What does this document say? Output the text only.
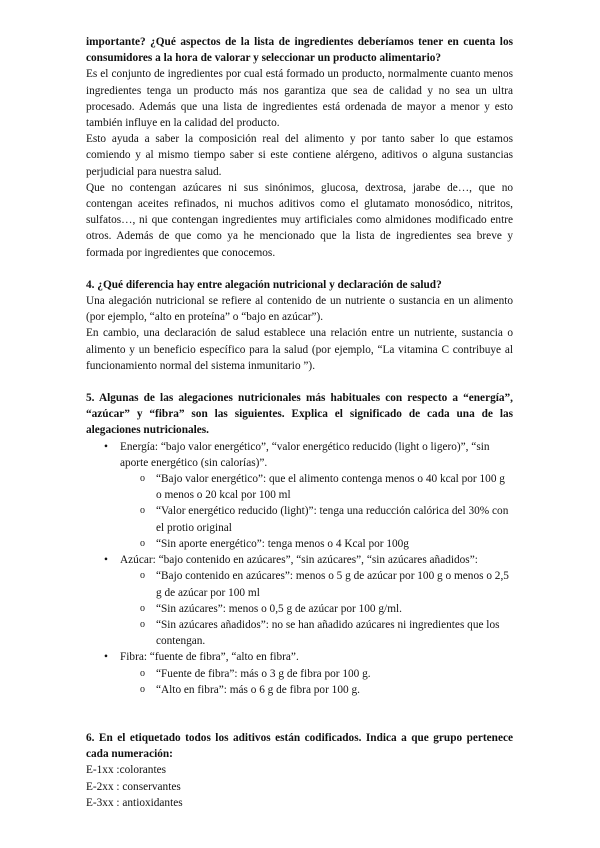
importante? ¿Qué aspectos de la lista de ingredientes deberíamos tener en cuenta los consumidores a la hora de valorar y seleccionar un producto alimentario?

Es el conjunto de ingredientes por cual está formado un producto, normalmente cuanto menos ingredientes tenga un producto más nos garantiza que sea de calidad y no sea un ultra procesado. Además que una lista de ingredientes está ordenada de mayor a menor y esto también influye en la calidad del producto.

Esto ayuda a saber la composición real del alimento y por tanto saber lo que estamos comiendo y al mismo tiempo saber si este contiene alérgeno, aditivos o alguna sustancias perjudicial para nuestra salud.

Que no contengan azúcares ni sus sinónimos, glucosa, dextrosa, jarabe de…, que no contengan aceites refinados, ni muchos aditivos como el glutamato monosódico, nitritos, sulfatos…, ni que contengan ingredientes muy artificiales como almidones modificado entre otros. Además de que como ya he mencionado que la lista de ingredientes sea breve y formada por ingredientes que conocemos.

4. ¿Qué diferencia hay entre alegación nutricional y declaración de salud?

Una alegación nutricional se refiere al contenido de un nutriente o sustancia en un alimento (por ejemplo, “alto en proteína” o “bajo en azúcar”).

En cambio, una declaración de salud establece una relación entre un nutriente, sustancia o alimento y un beneficio específico para la salud (por ejemplo, “La vitamina C contribuye al funcionamiento normal del sistema inmunitario ”).

5. Algunas de las alegaciones nutricionales más habituales con respecto a “energía”, “azúcar” y “fibra” son las siguientes. Explica el significado de cada una de las alegaciones nutricionales.

• Energía: “bajo valor energético”, “valor energético reducido (light o ligero)”, “sin aporte energético (sin calorías)”.
o “Bajo valor energético”: que el alimento contenga menos o 40 kcal por 100 g o menos o 20 kcal por 100 ml
o “Valor energético reducido (light)”: tenga una reducción calórica del 30% con el protio original
o “Sin aporte energético”: tenga menos o 4 Kcal por 100g
• Azúcar: “bajo contenido en azúcares”, “sin azúcares”, “sin azúcares añadidos”:
o “Bajo contenido en azúcares”: menos o 5 g de azúcar por 100 g o menos o 2,5 g de azúcar por 100 ml
o “Sin azúcares”: menos o 0,5 g de azúcar por 100 g/ml.
o “Sin azúcares añadidos”: no se han añadido azúcares ni ingredientes que los contengan.
• Fibra: “fuente de fibra”, “alto en fibra”.
o “Fuente de fibra”: más o 3 g de fibra por 100 g.
o “Alto en fibra”: más o 6 g de fibra por 100 g.

6. En el etiquetado todos los aditivos están codificados. Indica a que grupo pertenece cada numeración:

E-1xx :colorantes

E-2xx : conservantes

E-3xx : antioxidantes
